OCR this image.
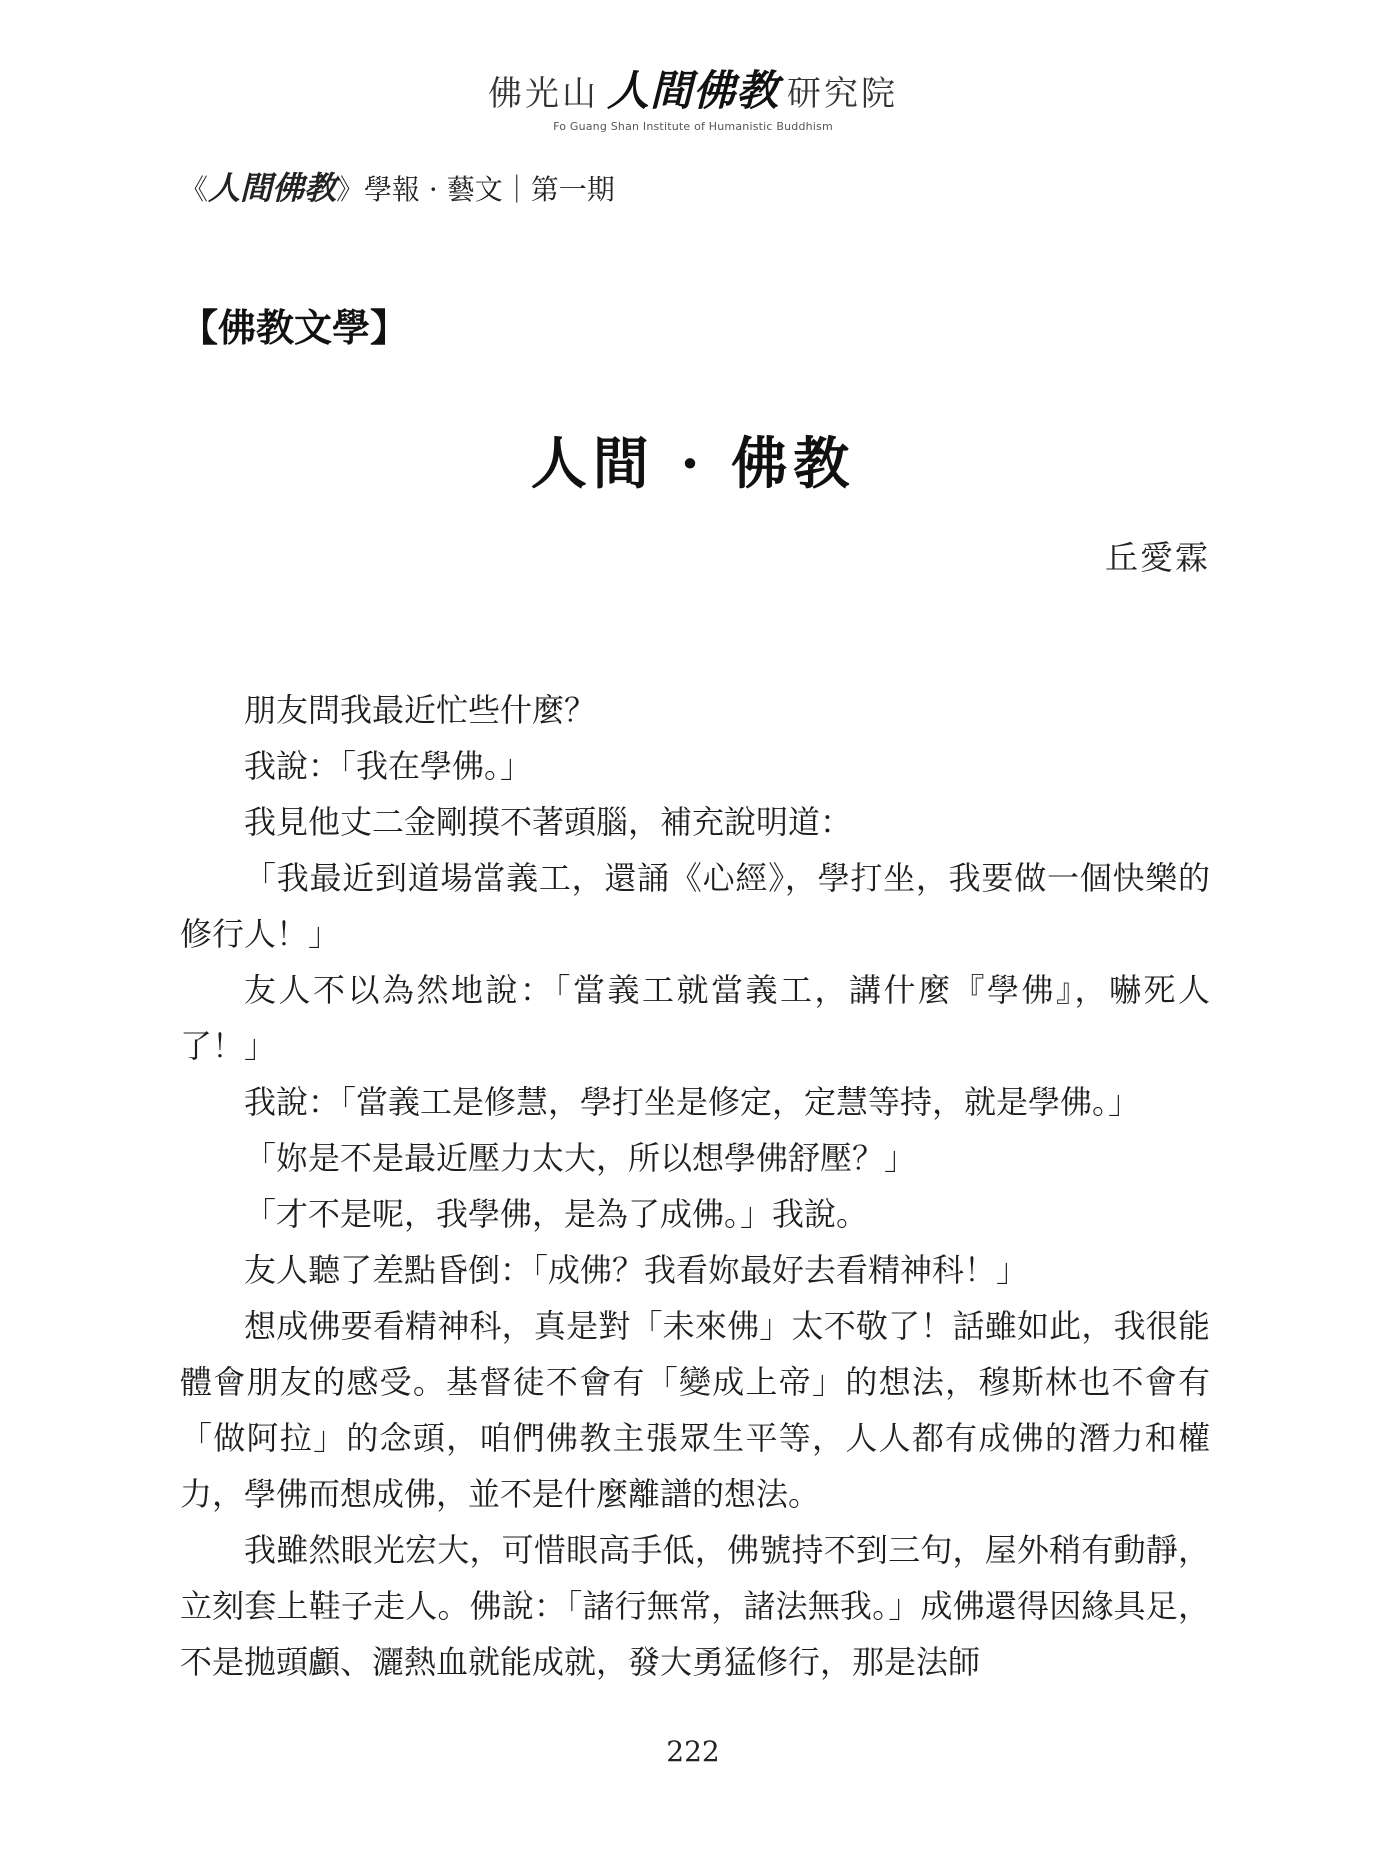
佛光山 人間佛教 研究院
Fo Guang Shan Institute of Humanistic Buddhism
《人間佛教》學報 · 藝文｜第一期
【佛教文學】
人間 · 佛教
丘愛霖

朋友問我最近忙些什麼？

我說：「我在學佛。」

我見他丈二金剛摸不著頭腦，補充說明道：

「我最近到道場當義工，還誦《心經》，學打坐，我要做一個快樂的修行人！」

友人不以為然地說：「當義工就當義工，講什麼『學佛』，嚇死人了！」

我說：「當義工是修慧，學打坐是修定，定慧等持，就是學佛。」

「妳是不是最近壓力太大，所以想學佛舒壓？」

「才不是呢，我學佛，是為了成佛。」我說。

友人聽了差點昏倒：「成佛？我看妳最好去看精神科！」

想成佛要看精神科，真是對「未來佛」太不敬了！話雖如此，我很能體會朋友的感受。基督徒不會有「變成上帝」的想法，穆斯林也不會有「做阿拉」的念頭，咱們佛教主張眾生平等，人人都有成佛的潛力和權力，學佛而想成佛，並不是什麼離譜的想法。

我雖然眼光宏大，可惜眼高手低，佛號持不到三句，屋外稍有動靜，立刻套上鞋子走人。佛說：「諸行無常，諸法無我。」成佛還得因緣具足，不是拋頭顱、灑熱血就能成就，發大勇猛修行，那是法師

222
